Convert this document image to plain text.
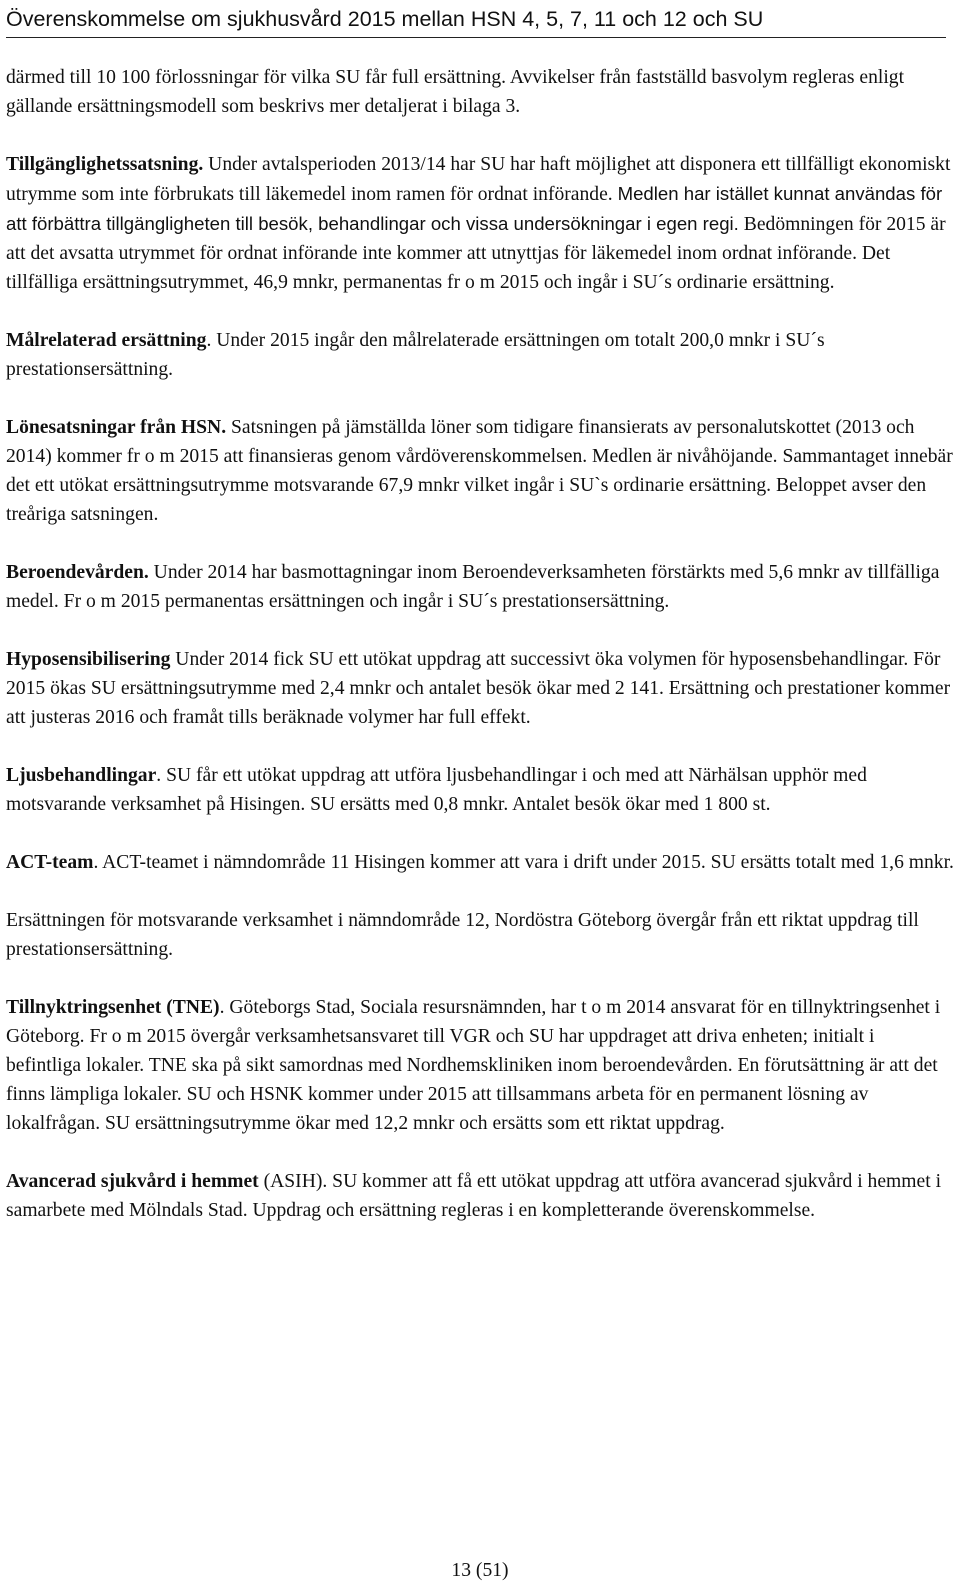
Överenskommelse om sjukhusvård 2015 mellan HSN 4, 5, 7, 11 och 12 och SU

därmed till 10 100 förlossningar för vilka SU får full ersättning. Avvikelser från fastställd basvolym regleras enligt gällande ersättningsmodell som beskrivs mer detaljerat i bilaga 3.

Tillgänglighetssatsning. Under avtalsperioden 2013/14 har SU har haft möjlighet att disponera ett tillfälligt ekonomiskt utrymme som inte förbrukats till läkemedel inom ramen för ordnat införande. Medlen har istället kunnat användas för att förbättra tillgängligheten till besök, behandlingar och vissa undersökningar i egen regi. Bedömningen för 2015 är att det avsatta utrymmet för ordnat införande inte kommer att utnyttjas för läkemedel inom ordnat införande. Det tillfälliga ersättningsutrymmet, 46,9 mnkr, permanentas fr o m 2015 och ingår i SU´s ordinarie ersättning.

Målrelaterad ersättning. Under 2015 ingår den målrelaterade ersättningen om totalt 200,0 mnkr i SU´s prestationsersättning.

Lönesatsningar från HSN. Satsningen på jämställda löner som tidigare finansierats av personalutskottet (2013 och 2014) kommer fr o m 2015 att finansieras genom vårdöverenskommelsen. Medlen är nivåhöjande. Sammantaget innebär det ett utökat ersättningsutrymme motsvarande 67,9 mnkr vilket ingår i SU`s ordinarie ersättning. Beloppet avser den treåriga satsningen.

Beroendevården. Under 2014 har basmottagningar inom Beroendeverksamheten förstärkts med 5,6 mnkr av tillfälliga medel. Fr o m 2015 permanentas ersättningen och ingår i SU´s prestationsersättning.

Hyposensibilisering Under 2014 fick SU ett utökat uppdrag att successivt öka volymen för hyposensbehandlingar. För 2015 ökas SU ersättningsutrymme med 2,4 mnkr och antalet besök ökar med 2 141. Ersättning och prestationer kommer att justeras 2016 och framåt tills beräknade volymer har full effekt.

Ljusbehandlingar. SU får ett utökat uppdrag att utföra ljusbehandlingar i och med att Närhälsan upphör med motsvarande verksamhet på Hisingen. SU ersätts med 0,8 mnkr. Antalet besök ökar med 1 800 st.

ACT-team. ACT-teamet i nämndområde 11 Hisingen kommer att vara i drift under 2015. SU ersätts totalt med 1,6 mnkr.

Ersättningen för motsvarande verksamhet i nämndområde 12, Nordöstra Göteborg övergår från ett riktat uppdrag till prestationsersättning.

Tillnyktringsenhet (TNE). Göteborgs Stad, Sociala resursnämnden, har t o m 2014 ansvarat för en tillnyktringsenhet i Göteborg. Fr o m 2015 övergår verksamhetsansvaret till VGR och SU har uppdraget att driva enheten; initialt i befintliga lokaler. TNE ska på sikt samordnas med Nordhemskliniken inom beroendevården. En förutsättning är att det finns lämpliga lokaler. SU och HSNK kommer under 2015 att tillsammans arbeta för en permanent lösning av lokalfrågan. SU ersättningsutrymme ökar med 12,2 mnkr och ersätts som ett riktat uppdrag.

Avancerad sjukvård i hemmet (ASIH). SU kommer att få ett utökat uppdrag att utföra avancerad sjukvård i hemmet i samarbete med Mölndals Stad. Uppdrag och ersättning regleras i en kompletterande överenskommelse.

13 (51)
